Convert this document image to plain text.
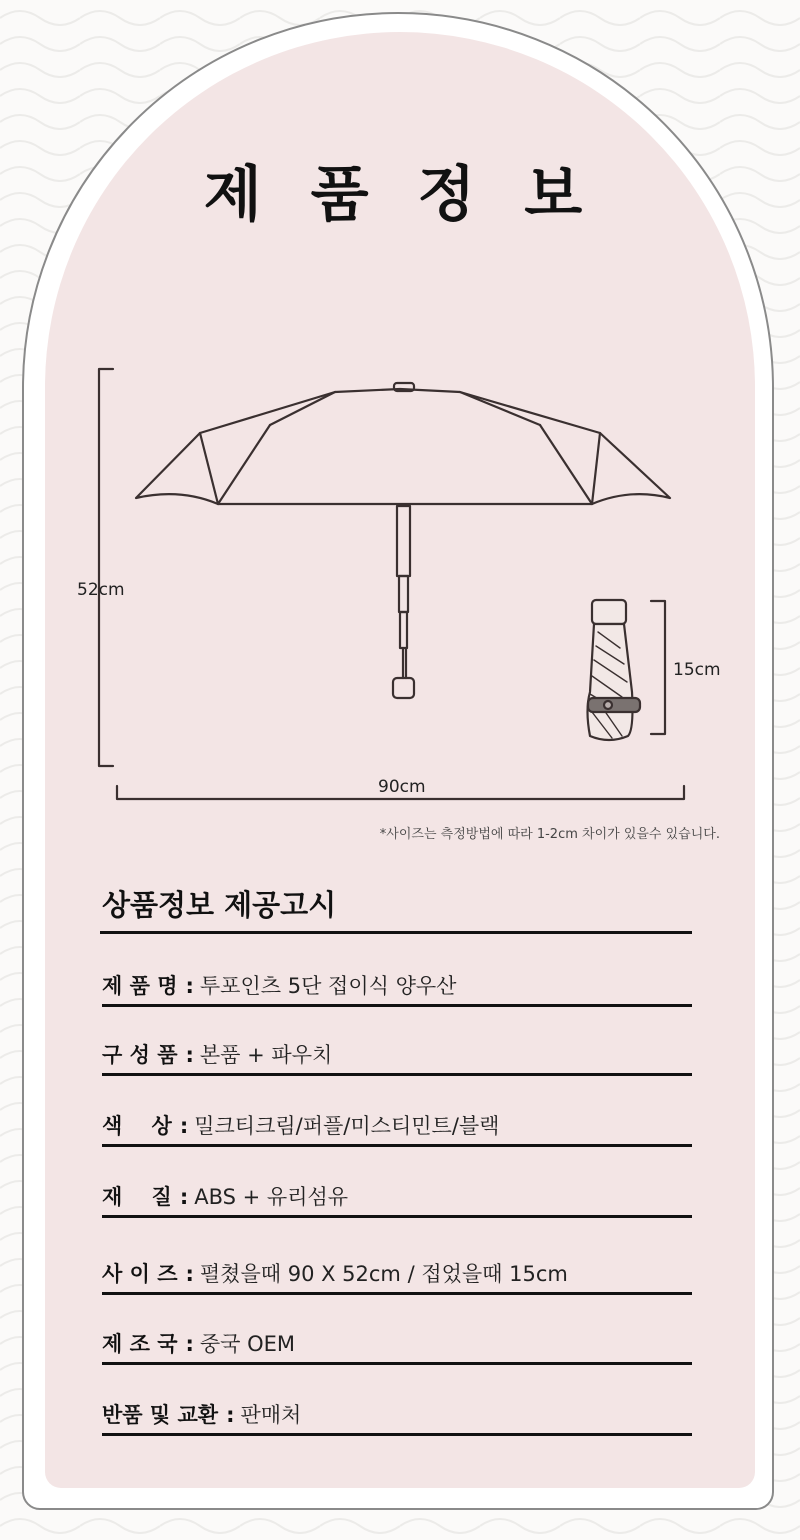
제 품 정 보
52cm
90cm
15cm
*사이즈는 측정방법에 따라 1-2cm 차이가 있을수 있습니다.
상품정보 제공고시
제 품 명 : 투포인츠 5단 접이식 양우산
구 성 품 : 본품 + 파우치
색    상 : 밀크티크림/퍼플/미스티민트/블랙
재    질 : ABS + 유리섬유
사 이 즈 : 펼쳤을때 90 X 52cm / 접었을때 15cm
제 조 국 : 중국 OEM
반품 및 교환 : 판매처
